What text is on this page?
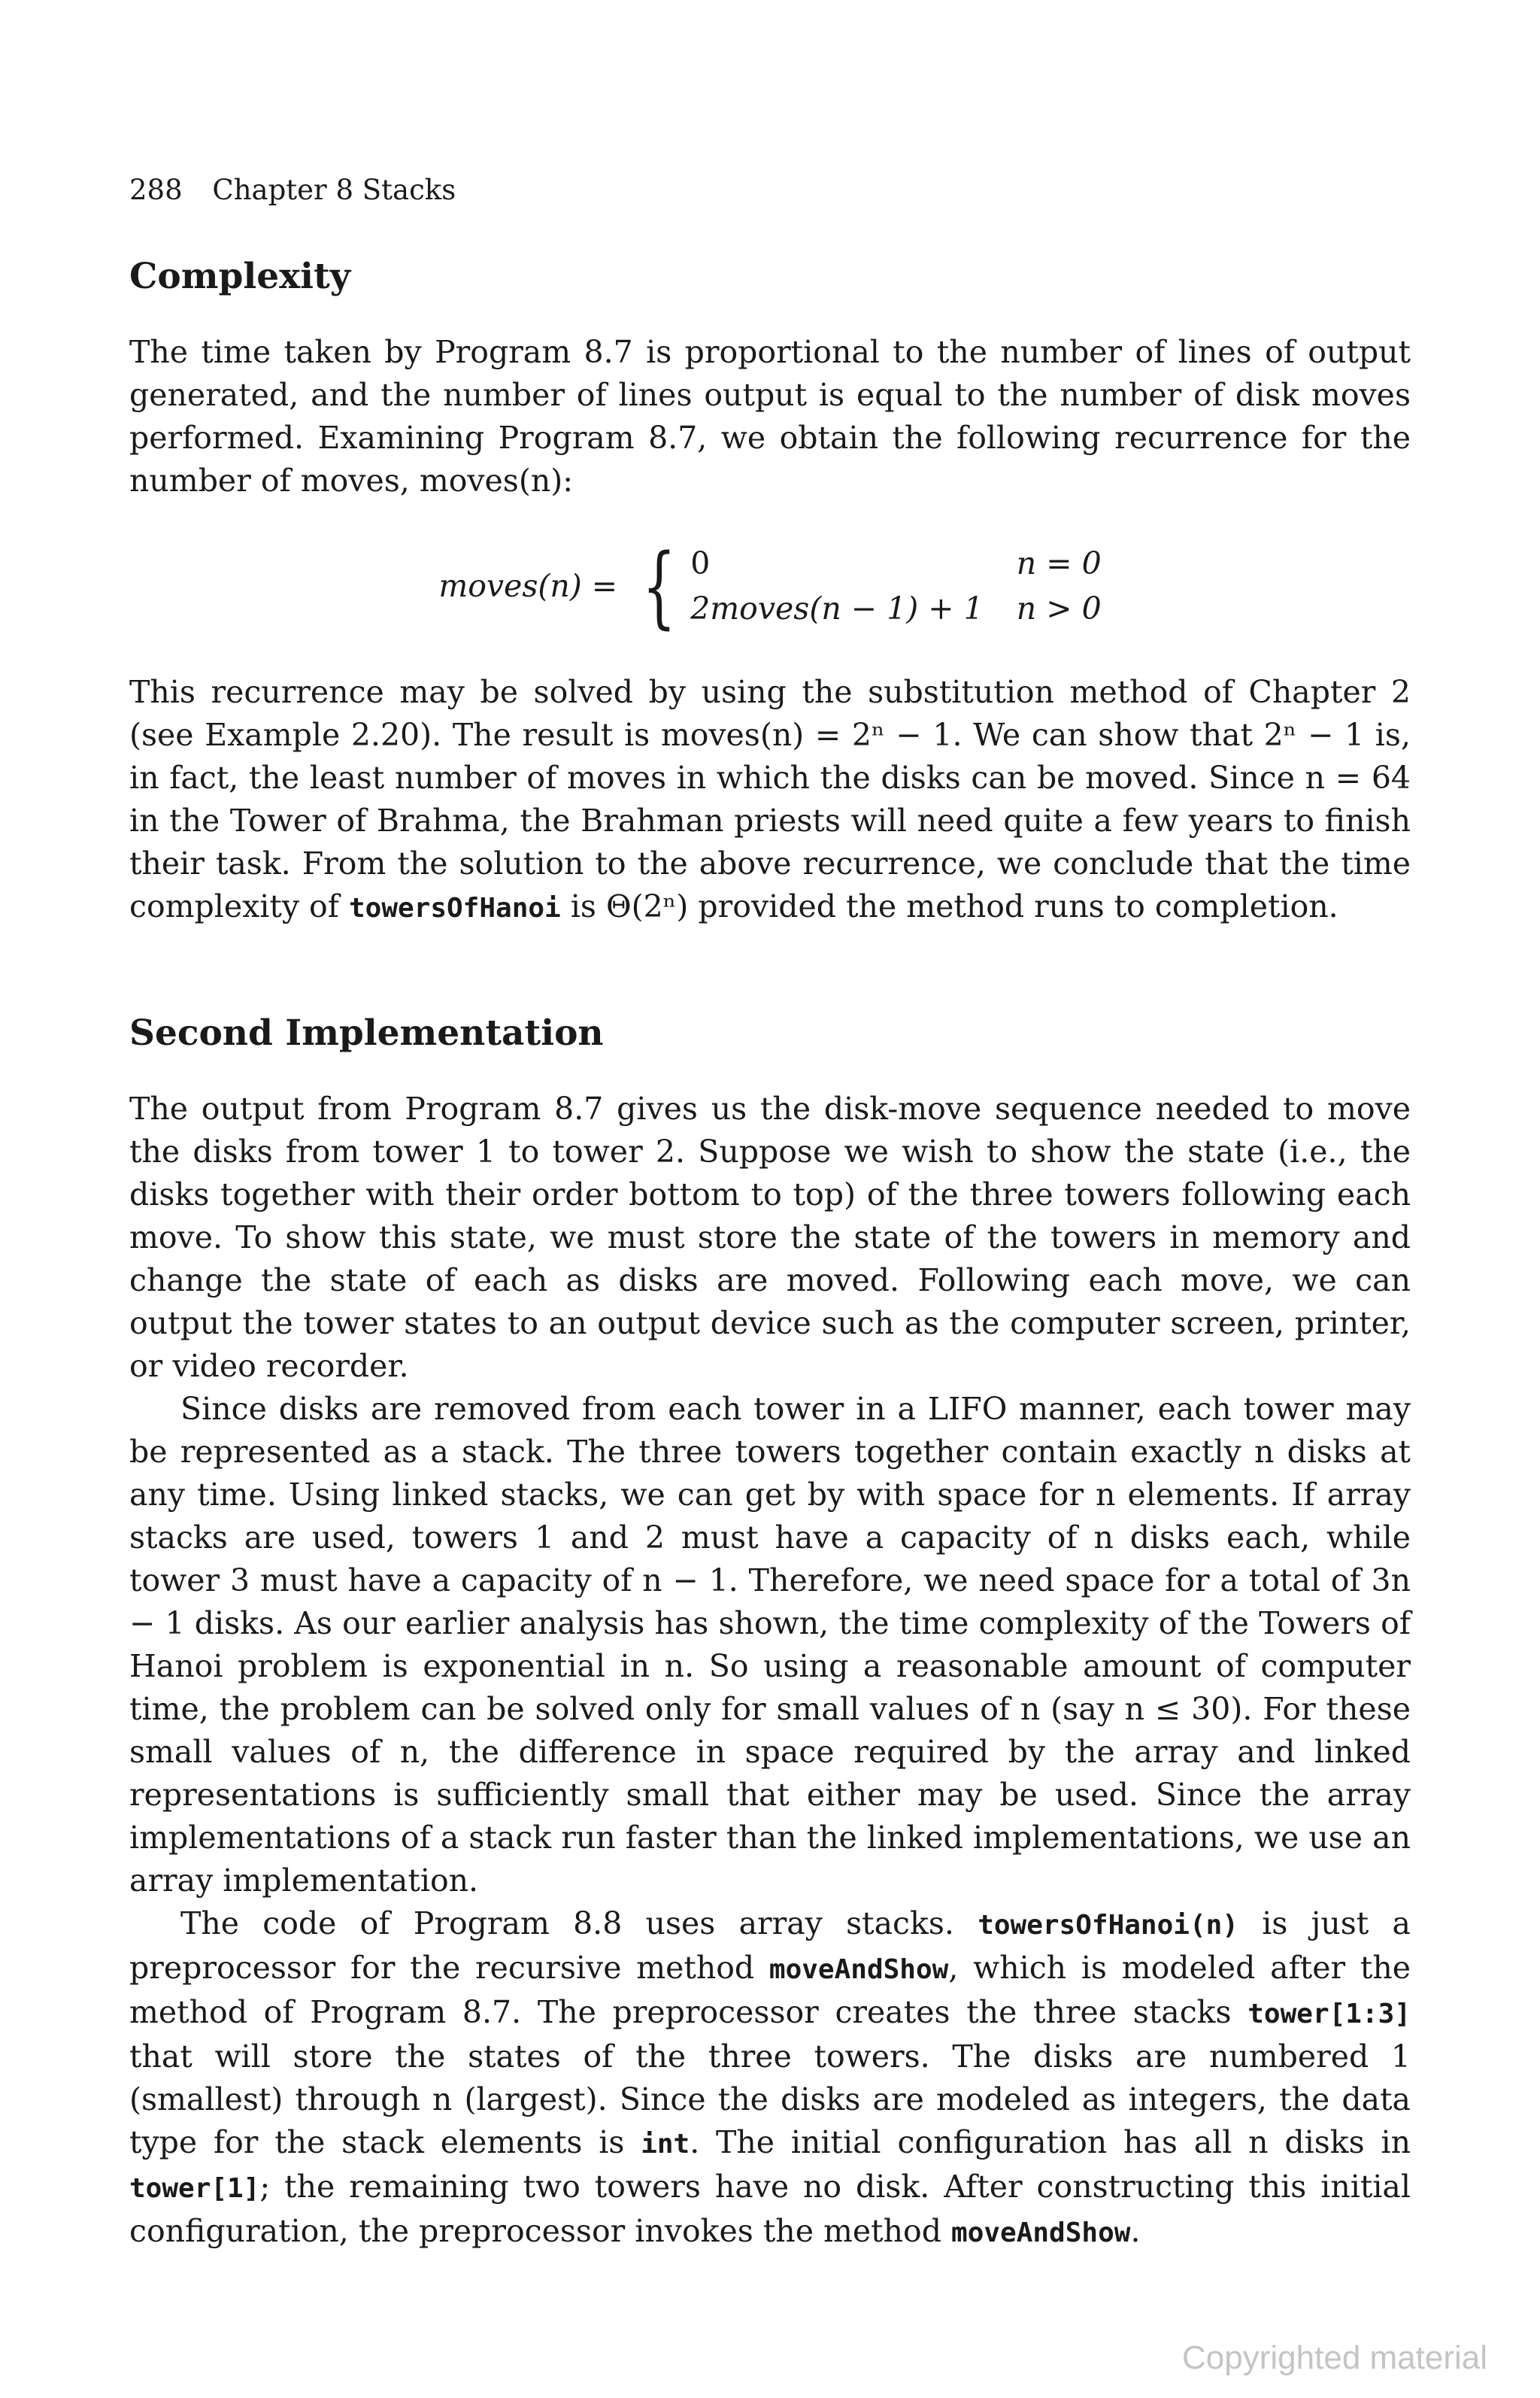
288 Chapter 8 Stacks
Complexity

The time taken by Program 8.7 is proportional to the number of lines of output generated, and the number of lines output is equal to the number of disk moves performed. Examining Program 8.7, we obtain the following recurrence for the number of moves, moves(n):

moves(n) = { 0	n = 0
2moves(n − 1) + 1 n > 0

This recurrence may be solved by using the substitution method of Chapter 2 (see Example 2.20). The result is moves(n) = 2ⁿ − 1. We can show that 2ⁿ − 1 is, in fact, the least number of moves in which the disks can be moved. Since n = 64 in the Tower of Brahma, the Brahman priests will need quite a few years to finish their task. From the solution to the above recurrence, we conclude that the time complexity of towersOfHanoi is Θ(2ⁿ) provided the method runs to completion.

Second Implementation

The output from Program 8.7 gives us the disk-move sequence needed to move the disks from tower 1 to tower 2. Suppose we wish to show the state (i.e., the disks together with their order bottom to top) of the three towers following each move. To show this state, we must store the state of the towers in memory and change the state of each as disks are moved. Following each move, we can output the tower states to an output device such as the computer screen, printer, or video recorder.

Since disks are removed from each tower in a LIFO manner, each tower may be represented as a stack. The three towers together contain exactly n disks at any time. Using linked stacks, we can get by with space for n elements. If array stacks are used, towers 1 and 2 must have a capacity of n disks each, while tower 3 must have a capacity of n − 1. Therefore, we need space for a total of 3n − 1 disks. As our earlier analysis has shown, the time complexity of the Towers of Hanoi problem is exponential in n. So using a reasonable amount of computer time, the problem can be solved only for small values of n (say n ≤ 30). For these small values of n, the difference in space required by the array and linked representations is sufficiently small that either may be used. Since the array implementations of a stack run faster than the linked implementations, we use an array implementation.

The code of Program 8.8 uses array stacks. towersOfHanoi(n) is just a preprocessor for the recursive method moveAndShow, which is modeled after the method of Program 8.7. The preprocessor creates the three stacks tower[1:3] that will store the states of the three towers. The disks are numbered 1 (smallest) through n (largest). Since the disks are modeled as integers, the data type for the stack elements is int. The initial configuration has all n disks in tower[1]; the remaining two towers have no disk. After constructing this initial configuration, the preprocessor invokes the method moveAndShow.

Copyrighted material
